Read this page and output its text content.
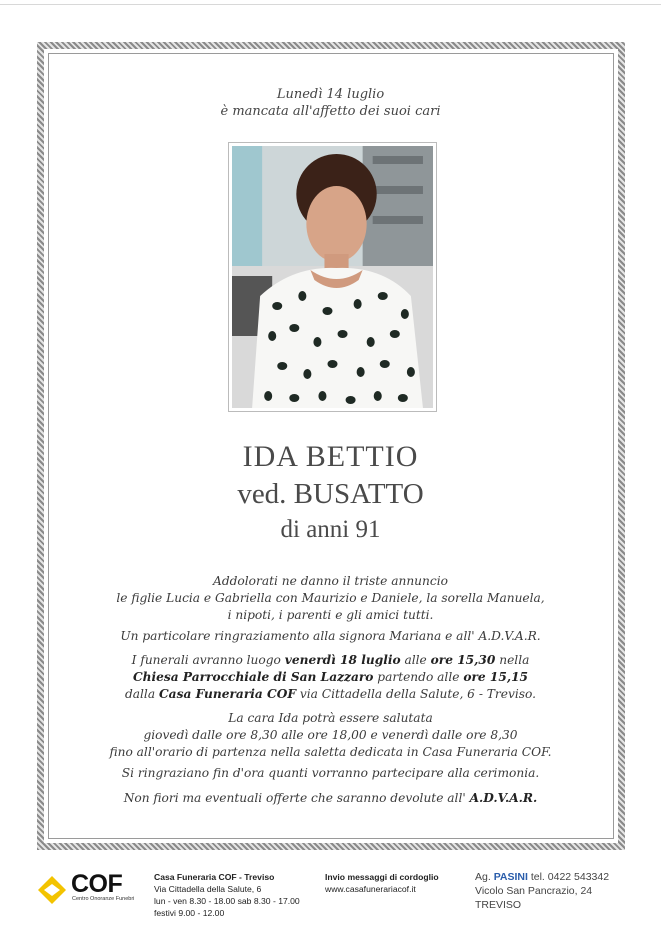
Lunedì 14 luglio
è mancata all'affetto dei suoi cari
IDA BETTIO
ved. BUSATTO
di anni 91
Addolorati ne danno il triste annuncio
le figlie Lucia e Gabriella con Maurizio e Daniele, la sorella Manuela,
i nipoti, i parenti e gli amici tutti.
Un particolare ringraziamento alla signora Mariana e all' A.D.V.A.R.
I funerali avranno luogo venerdì 18 luglio alle ore 15,30 nella
Chiesa Parrocchiale di San Lazzaro partendo alle ore 15,15
dalla Casa Funeraria COF via Cittadella della Salute, 6 - Treviso.
La cara Ida potrà essere salutata
giovedì dalle ore 8,30 alle ore 18,00 e venerdì dalle ore 8,30
fino all'orario di partenza nella saletta dedicata in Casa Funeraria COF.
Si ringraziano fin d'ora quanti vorranno partecipare alla cerimonia.
Non fiori ma eventuali offerte che saranno devolute all' A.D.V.A.R.
COF
Centro Onoranze Funebri
Casa Funeraria COF - Treviso
Via Cittadella della Salute, 6
lun - ven 8.30 - 18.00 sab 8.30 - 17.00
festivi 9.00 - 12.00
Invio messaggi di cordoglio
www.casafunerariacof.it
Ag. PASINI tel. 0422 543342
Vicolo San Pancrazio, 24
TREVISO
